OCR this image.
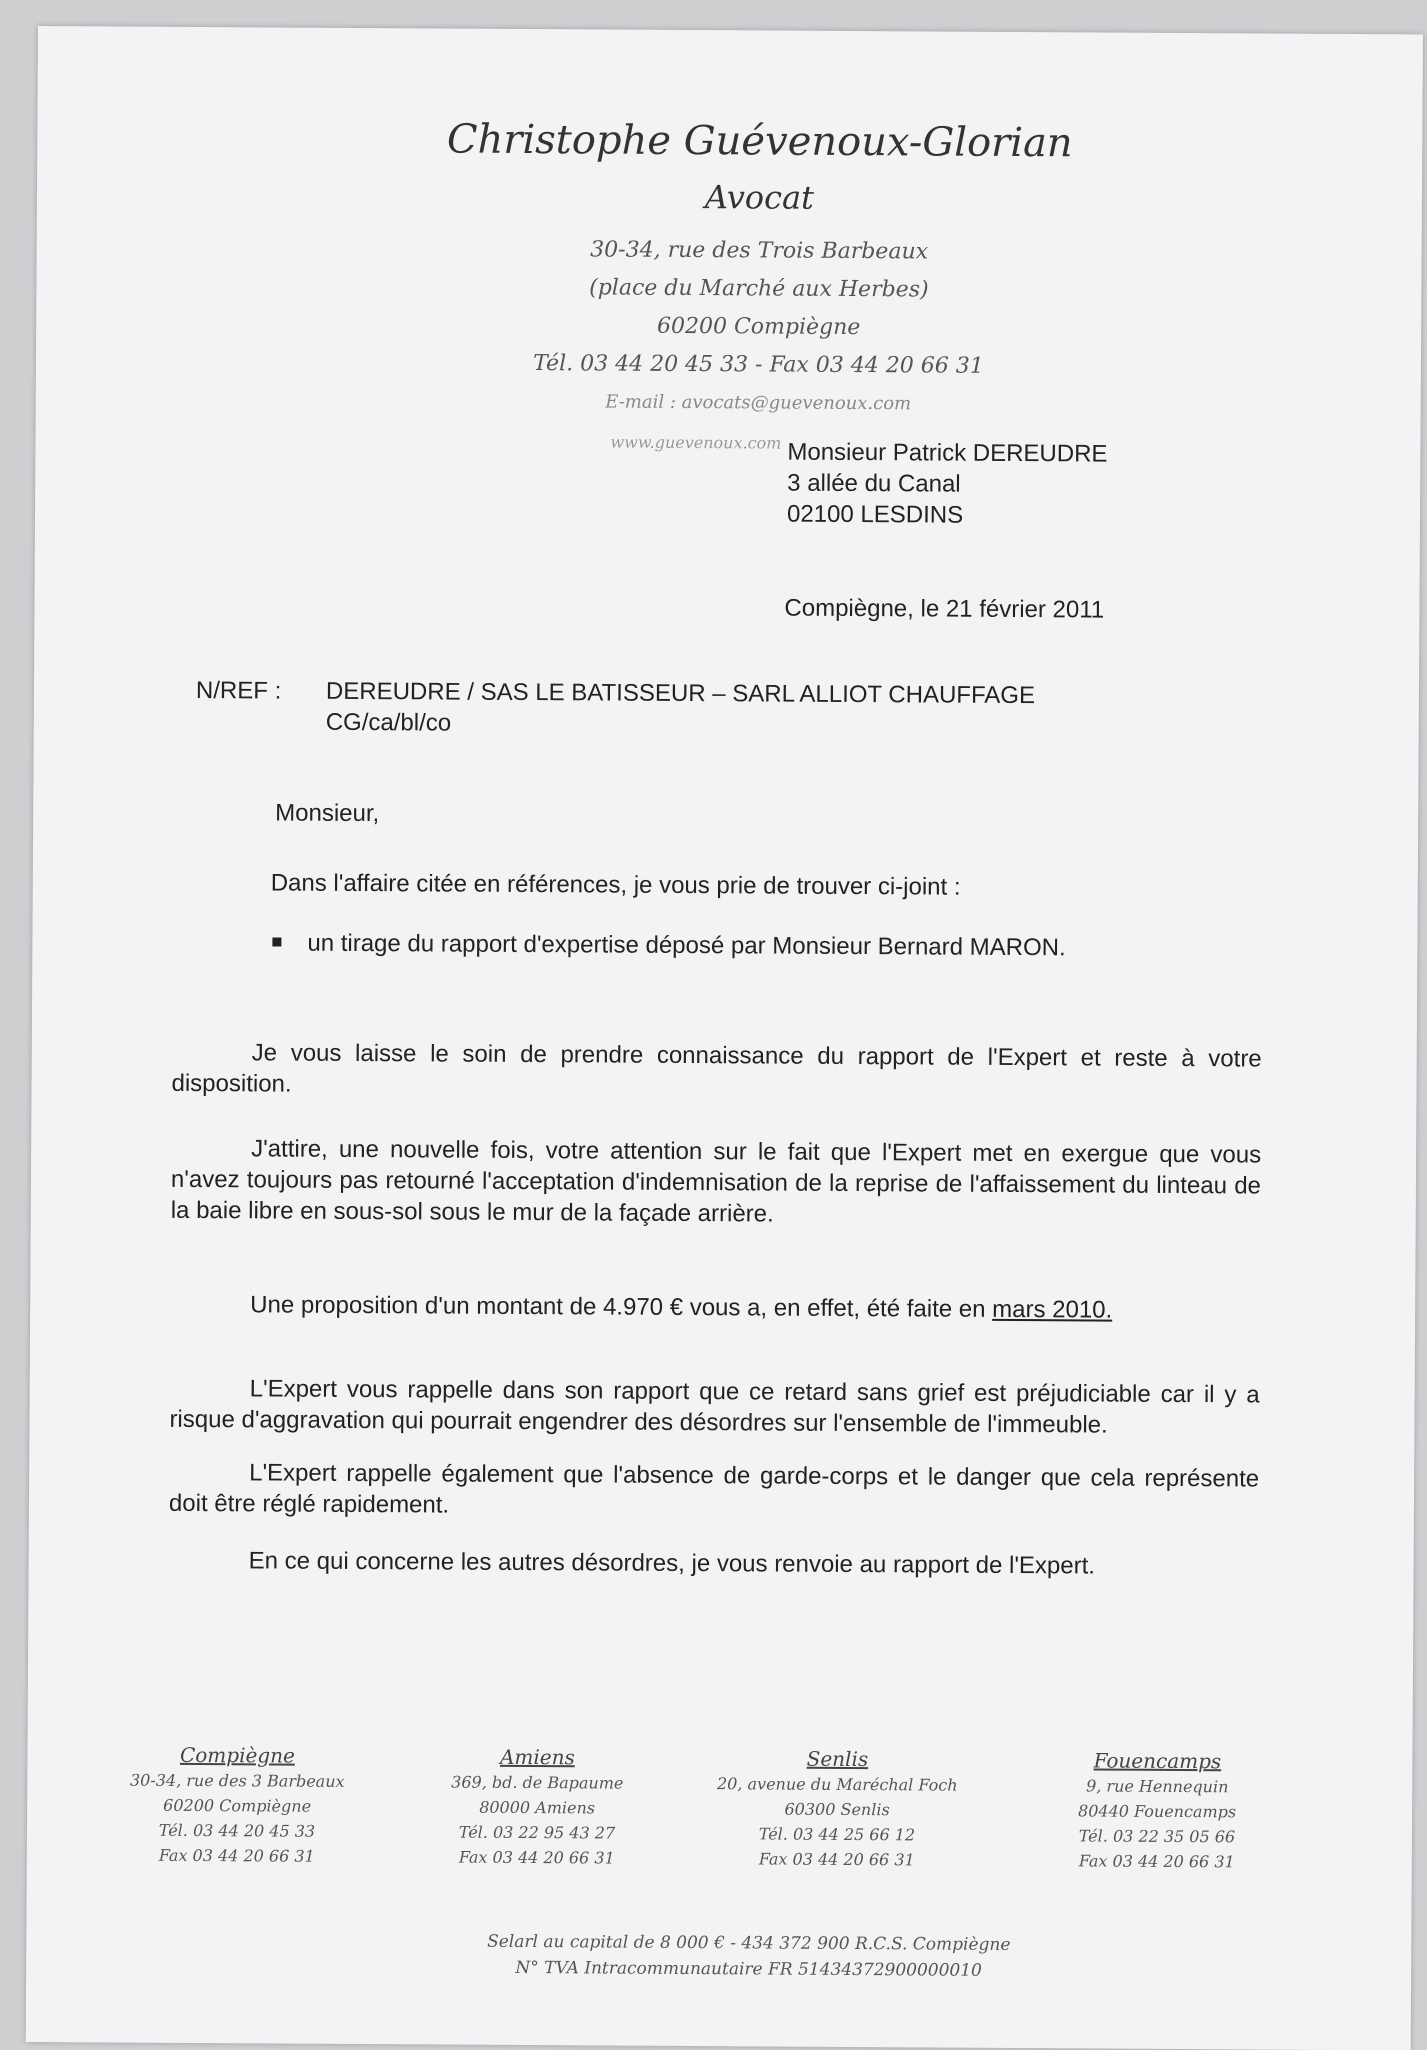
Christophe Guévenoux-Glorian
Avocat
30-34, rue des Trois Barbeaux
(place du Marché aux Herbes)
60200 Compiègne
Tél. 03 44 20 45 33 - Fax 03 44 20 66 31
E-mail : avocats@guevenoux.com
www.guevenoux.com Monsieur Patrick DEREUDRE
3 allée du Canal
02100 LESDINS
Compiègne, le 21 février 2011
N/REF : DEREUDRE / SAS LE BATISSEUR – SARL ALLIOT CHAUFFAGE
CG/ca/bl/co
Monsieur,
Dans l'affaire citée en références, je vous prie de trouver ci-joint :
un tirage du rapport d'expertise déposé par Monsieur Bernard MARON.
Je vous laisse le soin de prendre connaissance du rapport de l'Expert et reste à votre disposition.
J'attire, une nouvelle fois, votre attention sur le fait que l'Expert met en exergue que vous n'avez toujours pas retourné l'acceptation d'indemnisation de la reprise de l'affaissement du linteau de la baie libre en sous-sol sous le mur de la façade arrière.
Une proposition d'un montant de 4.970 € vous a, en effet, été faite en mars 2010.
L'Expert vous rappelle dans son rapport que ce retard sans grief est préjudiciable car il y a risque d'aggravation qui pourrait engendrer des désordres sur l'ensemble de l'immeuble.
L'Expert rappelle également que l'absence de garde-corps et le danger que cela représente doit être réglé rapidement.
En ce qui concerne les autres désordres, je vous renvoie au rapport de l'Expert.
Compiègne
30-34, rue des 3 Barbeaux
60200 Compiègne
Tél. 03 44 20 45 33
Fax 03 44 20 66 31
Amiens
369, bd. de Bapaume
80000 Amiens
Tél. 03 22 95 43 27
Fax 03 44 20 66 31
Senlis
20, avenue du Maréchal Foch
60300 Senlis
Tél. 03 44 25 66 12
Fax 03 44 20 66 31
Fouencamps
9, rue Hennequin
80440 Fouencamps
Tél. 03 22 35 05 66
Fax 03 44 20 66 31
Selarl au capital de 8 000 € - 434 372 900 R.C.S. Compiègne
N° TVA Intracommunautaire FR 51434372900000010
